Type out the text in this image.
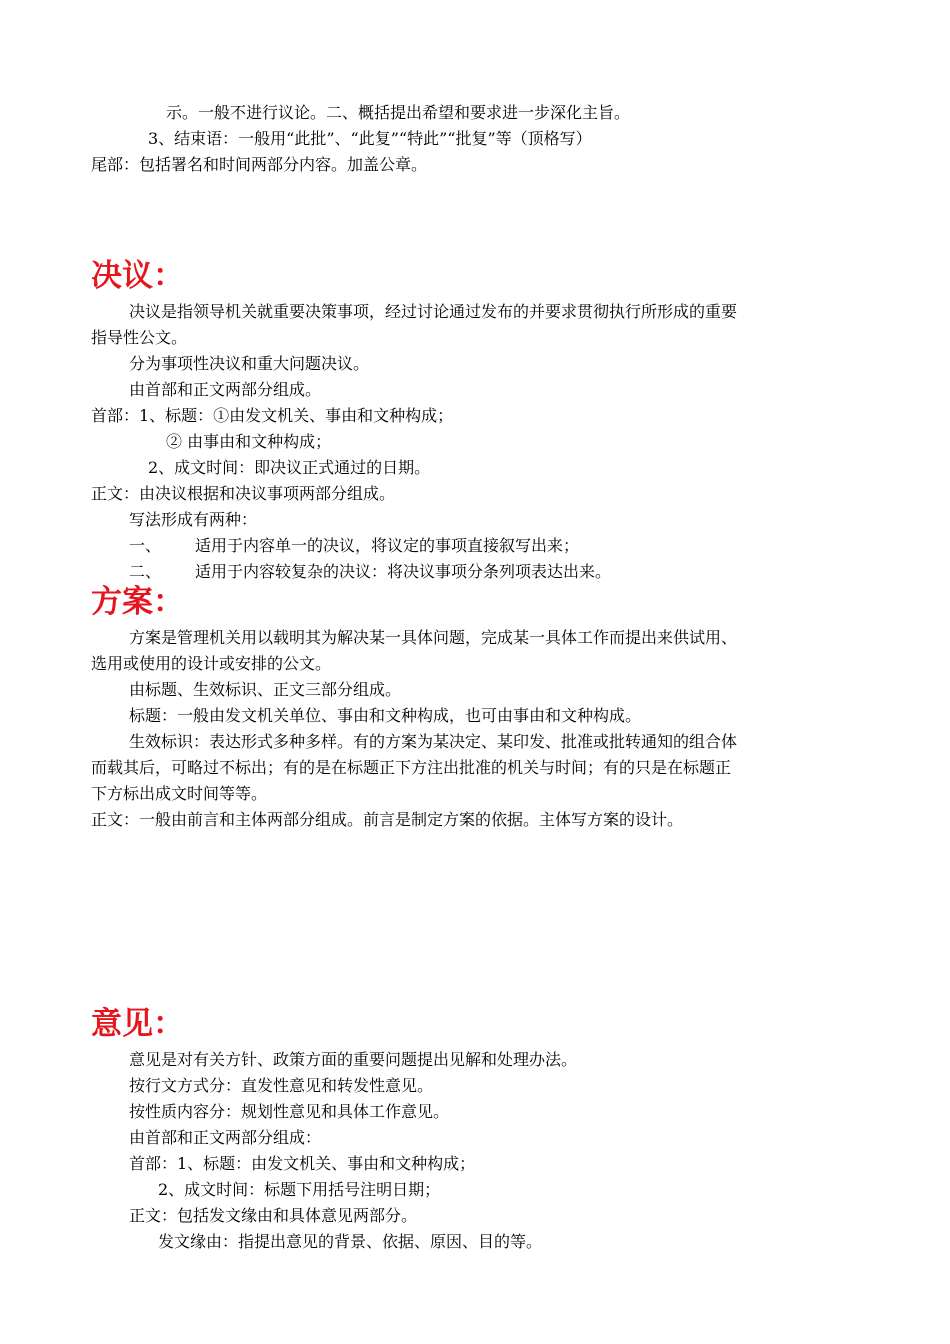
示。一般不进行议论。二、概括提出希望和要求进一步深化主旨。
3、结束语：一般用“此批”、“此复”“特此”“批复”等（顶格写）
尾部：包括署名和时间两部分内容。加盖公章。
决议：
决议是指领导机关就重要决策事项，经过讨论通过发布的并要求贯彻执行所形成的重要
指导性公文。
分为事项性决议和重大问题决议。
由首部和正文两部分组成。
首部：1、标题：①由发文机关、事由和文种构成；
② 由事由和文种构成；
2、成文时间：即决议正式通过的日期。
正文：由决议根据和决议事项两部分组成。
写法形成有两种：
一、 适用于内容单一的决议，将议定的事项直接叙写出来；
二、 适用于内容较复杂的决议：将决议事项分条列项表达出来。
方案：
方案是管理机关用以载明其为解决某一具体问题，完成某一具体工作而提出来供试用、
选用或使用的设计或安排的公文。
由标题、生效标识、正文三部分组成。
标题：一般由发文机关单位、事由和文种构成，也可由事由和文种构成。
生效标识：表达形式多种多样。有的方案为某决定、某印发、批准或批转通知的组合体
而载其后，可略过不标出；有的是在标题正下方注出批准的机关与时间；有的只是在标题正
下方标出成文时间等等。
正文：一般由前言和主体两部分组成。前言是制定方案的依据。主体写方案的设计。
意见：
意见是对有关方针、政策方面的重要问题提出见解和处理办法。
按行文方式分：直发性意见和转发性意见。
按性质内容分：规划性意见和具体工作意见。
由首部和正文两部分组成：
首部：1、标题：由发文机关、事由和文种构成；
2、成文时间：标题下用括号注明日期；
正文：包括发文缘由和具体意见两部分。
发文缘由：指提出意见的背景、依据、原因、目的等。
